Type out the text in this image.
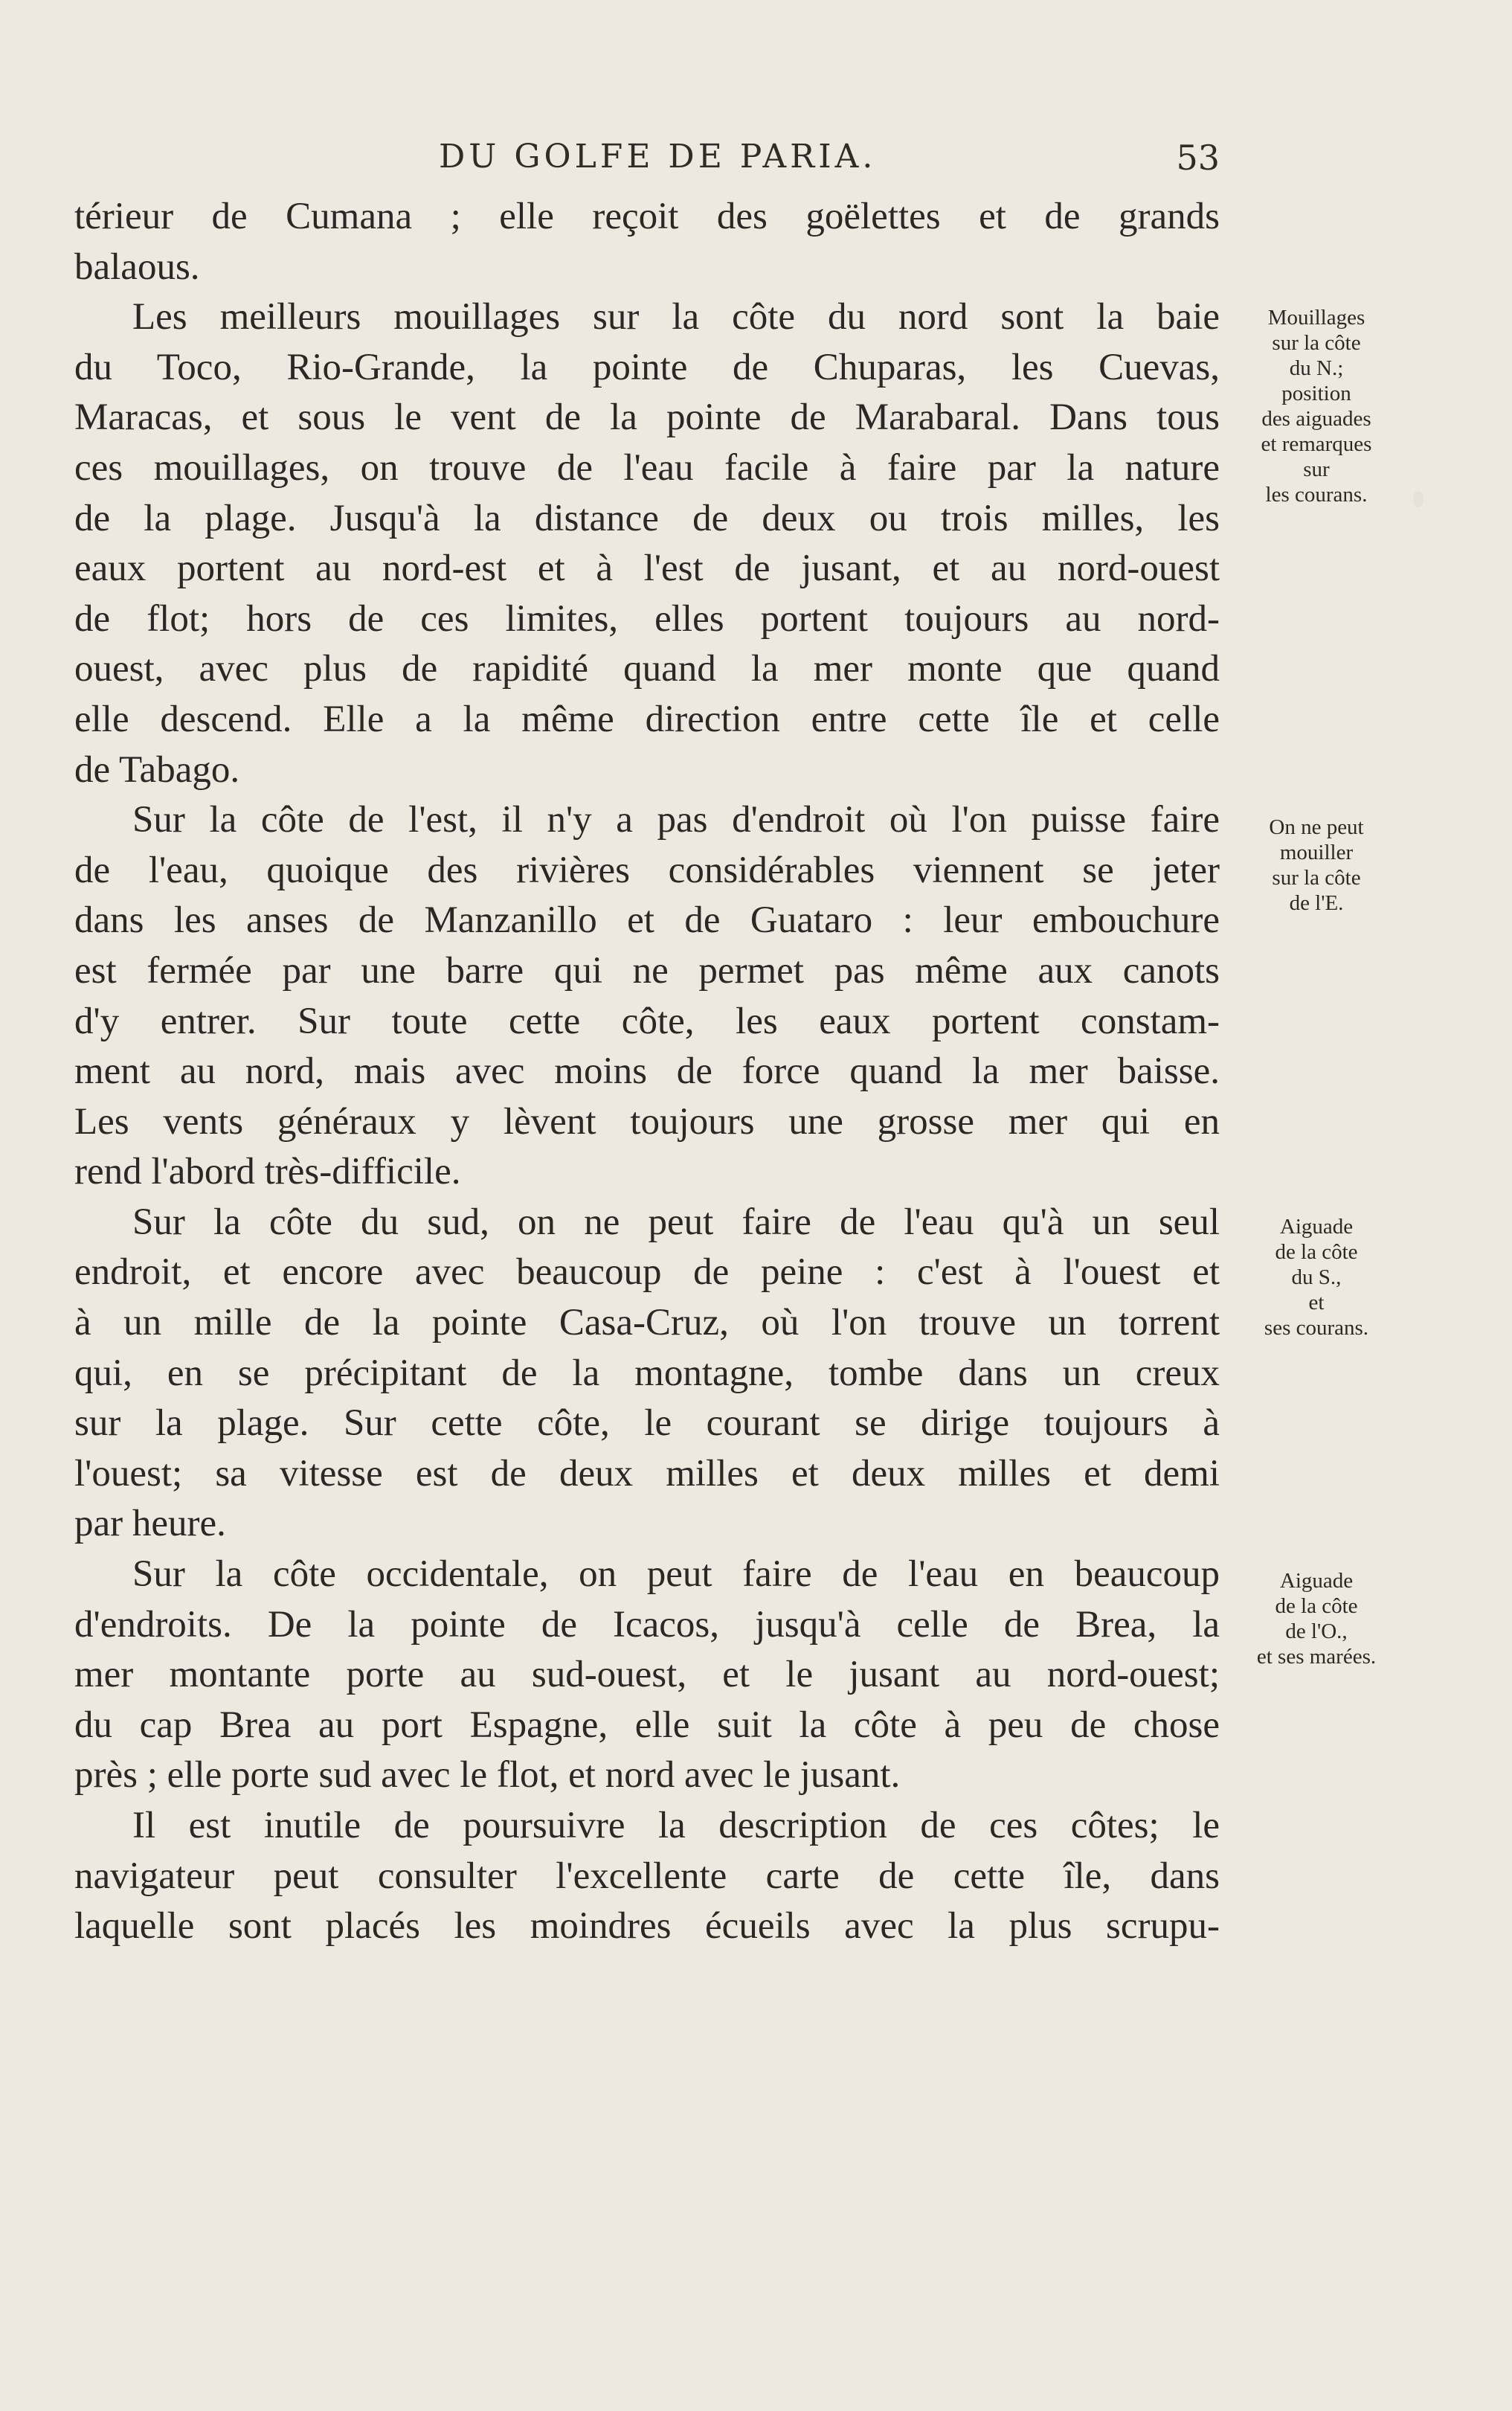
DU GOLFE DE PARIA.	53
térieur de Cumana ; elle reçoit des goëlettes et de grands
balaous.
Les meilleurs mouillages sur la côte du nord sont la baie
du Toco, Rio-Grande, la pointe de Chuparas, les Cuevas,
Maracas, et sous le vent de la pointe de Marabaral. Dans tous
ces mouillages, on trouve de l'eau facile à faire par la nature
de la plage. Jusqu'à la distance de deux ou trois milles, les
eaux portent au nord-est et à l'est de jusant, et au nord-ouest
de flot; hors de ces limites, elles portent toujours au nord-
ouest, avec plus de rapidité quand la mer monte que quand
elle descend. Elle a la même direction entre cette île et celle
de Tabago.
Sur la côte de l'est, il n'y a pas d'endroit où l'on puisse faire
de l'eau, quoique des rivières considérables viennent se jeter
dans les anses de Manzanillo et de Guataro : leur embouchure
est fermée par une barre qui ne permet pas même aux canots
d'y entrer. Sur toute cette côte, les eaux portent constam-
ment au nord, mais avec moins de force quand la mer baisse.
Les vents généraux y lèvent toujours une grosse mer qui en
rend l'abord très-difficile.
Sur la côte du sud, on ne peut faire de l'eau qu'à un seul
endroit, et encore avec beaucoup de peine : c'est à l'ouest et
à un mille de la pointe Casa-Cruz, où l'on trouve un torrent
qui, en se précipitant de la montagne, tombe dans un creux
sur la plage. Sur cette côte, le courant se dirige toujours à
l'ouest; sa vitesse est de deux milles et deux milles et demi
par heure.
Sur la côte occidentale, on peut faire de l'eau en beaucoup
d'endroits. De la pointe de Icacos, jusqu'à celle de Brea, la
mer montante porte au sud-ouest, et le jusant au nord-ouest;
du cap Brea au port Espagne, elle suit la côte à peu de chose
près ; elle porte sud avec le flot, et nord avec le jusant.
Il est inutile de poursuivre la description de ces côtes; le
navigateur peut consulter l'excellente carte de cette île, dans
laquelle sont placés les moindres écueils avec la plus scrupu-
Mouillages
sur la côte
du N.;
position
des aiguades
et remarques
sur
les courans.
On ne peut
mouiller
sur la côte
de l'E.
Aiguade
de la côte
du S.,
et
ses courans.
Aiguade
de la côte
de l'O.,
et ses marées.
